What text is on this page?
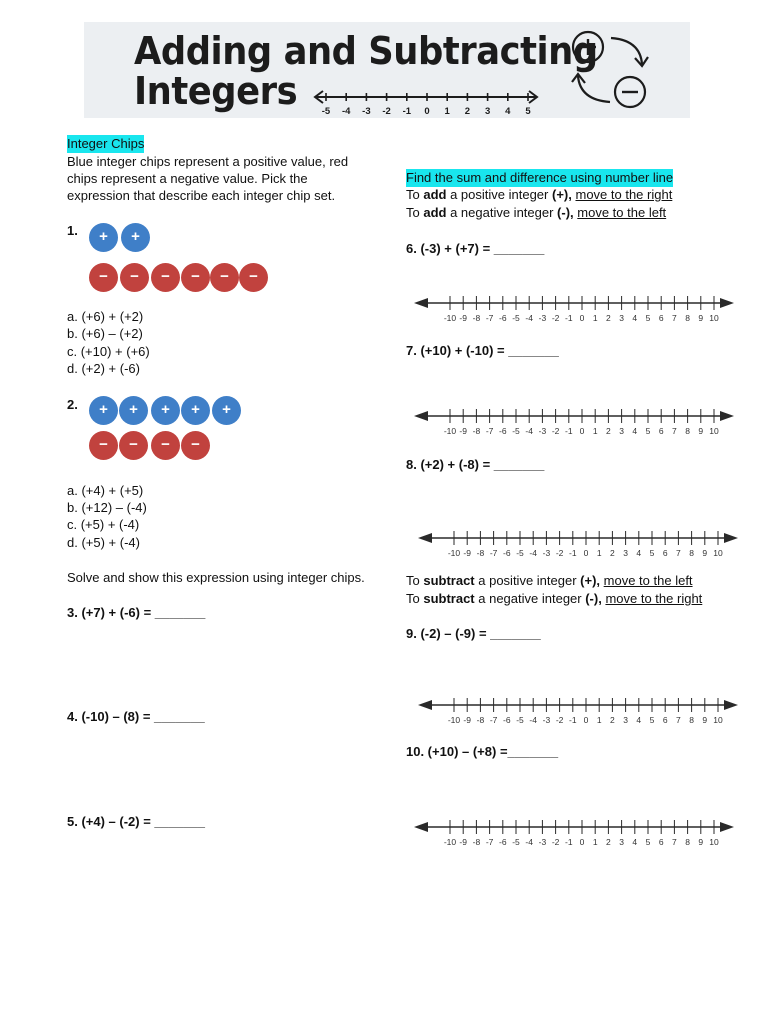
Adding and Subtracting
Integers	-5 -4 -3 -2 -1 0 1 2 3 4 5
Integer Chips
Blue integer chips represent a positive value, red
chips represent a negative value. Pick the
expression that describe each integer chip set.
1.	+	+
−	−	−	−	−	−
a. (+6) + (+2)
b. (+6) – (+2)
c. (+10) + (+6)
d. (+2) + (-6)
2.	+	+	+	+	+
−	−	−	−
a. (+4) + (+5)
b. (+12) – (-4)
c. (+5) + (-4)
d. (+5) + (-4)
Solve and show this expression using integer chips.
3. (+7) + (-6) = _______
4. (-10) – (8) = _______
5. (+4) – (-2) = _______
Find the sum and difference using number line
To add a positive integer (+), move to the right
To add a negative integer (-), move to the left
6. (-3) + (+7) = _______
-10 -9 -8 -7 -6 -5 -4 -3 -2 -1 0 1 2 3 4 5 6 7 8 9 10
7. (+10) + (-10) = _______
-10 -9 -8 -7 -6 -5 -4 -3 -2 -1 0 1 2 3 4 5 6 7 8 9 10
8. (+2) + (-8) = _______
-10 -9 -8 -7 -6 -5 -4 -3 -2 -1 0 1 2 3 4 5 6 7 8 9 10
To subtract a positive integer (+), move to the left
To subtract a negative integer (-), move to the right
9. (-2) – (-9) = _______
-10 -9 -8 -7 -6 -5 -4 -3 -2 -1 0 1 2 3 4 5 6 7 8 9 10
10. (+10) – (+8) =_______
-10 -9 -8 -7 -6 -5 -4 -3 -2 -1 0 1 2 3 4 5 6 7 8 9 10
